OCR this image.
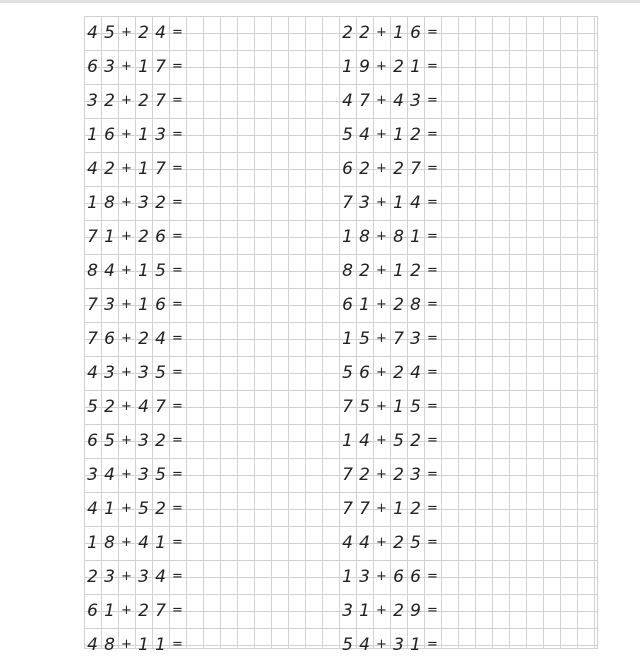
4 5 + 2 4 =
6 3 + 1 7 =
3 2 + 2 7 =
1 6 + 1 3 =
4 2 + 1 7 =
1 8 + 3 2 =
7 1 + 2 6 =
8 4 + 1 5 =
7 3 + 1 6 =
7 6 + 2 4 =
4 3 + 3 5 =
5 2 + 4 7 =
6 5 + 3 2 =
3 4 + 3 5 =
4 1 + 5 2 =
1 8 + 4 1 =
2 3 + 3 4 =
6 1 + 2 7 =
4 8 + 1 1 =
2 2 + 1 6 =
1 9 + 2 1 =
4 7 + 4 3 =
5 4 + 1 2 =
6 2 + 2 7 =
7 3 + 1 4 =
1 8 + 8 1 =
8 2 + 1 2 =
6 1 + 2 8 =
1 5 + 7 3 =
5 6 + 2 4 =
7 5 + 1 5 =
1 4 + 5 2 =
7 2 + 2 3 =
7 7 + 1 2 =
4 4 + 2 5 =
1 3 + 6 6 =
3 1 + 2 9 =
5 4 + 3 1 =
